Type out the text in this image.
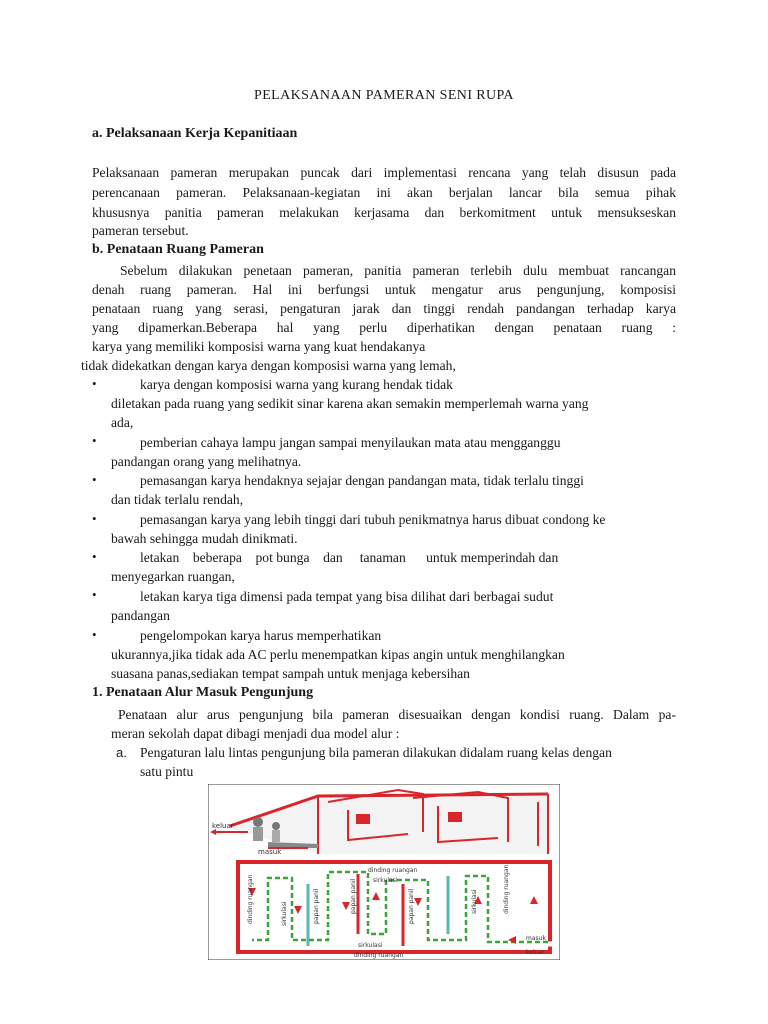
PELAKSANAAN PAMERAN SENI RUPA
a. Pelaksanaan Kerja Kepanitiaan
Pelaksanaan pameran merupakan puncak dari implementasi rencana yang telah disusun pada
perencanaan pameran. Pelaksanaan-kegiatan ini akan berjalan lancar bila semua pihak
khususnya panitia pameran melakukan kerjasama dan berkomitment untuk mensukseskan
pameran tersebut.
b. Penataan Ruang Pameran
Sebelum dilakukan penetaan pameran, panitia pameran terlebih dulu membuat rancangan
denah ruang pameran. Hal ini berfungsi untuk mengatur arus pengunjung, komposisi
penataan ruang yang serasi, pengaturan jarak dan tinggi rendah pandangan terhadap karya
yang dipamerkan.Beberapa hal yang perlu diperhatikan dengan penataan ruang :
karya yang memiliki komposisi warna yang kuat hendakanya
tidak didekatkan dengan karya dengan komposisi warna yang lemah,
•	karya dengan komposisi warna yang kurang hendak tidak
diletakan pada ruang yang sedikit sinar karena akan semakin memperlemah warna yang
ada,
•	pemberian cahaya lampu jangan sampai menyilaukan mata atau mengganggu
pandangan orang yang melihatnya.
•	pemasangan karya hendaknya sejajar dengan pandangan mata, tidak terlalu tinggi
dan tidak terlalu rendah,
•	pemasangan karya yang lebih tinggi dari tubuh penikmatnya harus dibuat condong ke
bawah sehingga mudah dinikmati.
•	letakan    beberapa    pot bunga    dan     tanaman      untuk memperindah dan
menyegarkan ruangan,
•	letakan karya tiga dimensi pada tempat yang bisa dilihat dari berbagai sudut
pandangan
•	pengelompokan karya harus memperhatikan
ukurannya,jika tidak ada AC perlu menempatkan kipas angin untuk menghilangkan
suasana panas,sediakan tempat sampah untuk menjaga kebersihan
1. Penataan Alur Masuk Pengunjung
Penataan alur arus pengunjung bila pameran disesuaikan dengan kondisi ruang. Dalam pa-
meran sekolah dapat dibagi menjadi dua model alur :
a. Pengaturan lalu lintas pengunjung bila pameran dilakukan didalam ruang kelas dengan
satu pintu
keluar
masuk
dinding ruangan
sirkulasi
sirkulasi
dinding ruangan
dinding ruangan	sirkulasi	papan panil	papan panil	papan panil	sirkulasi	dinding ruangan
masuk
keluar
